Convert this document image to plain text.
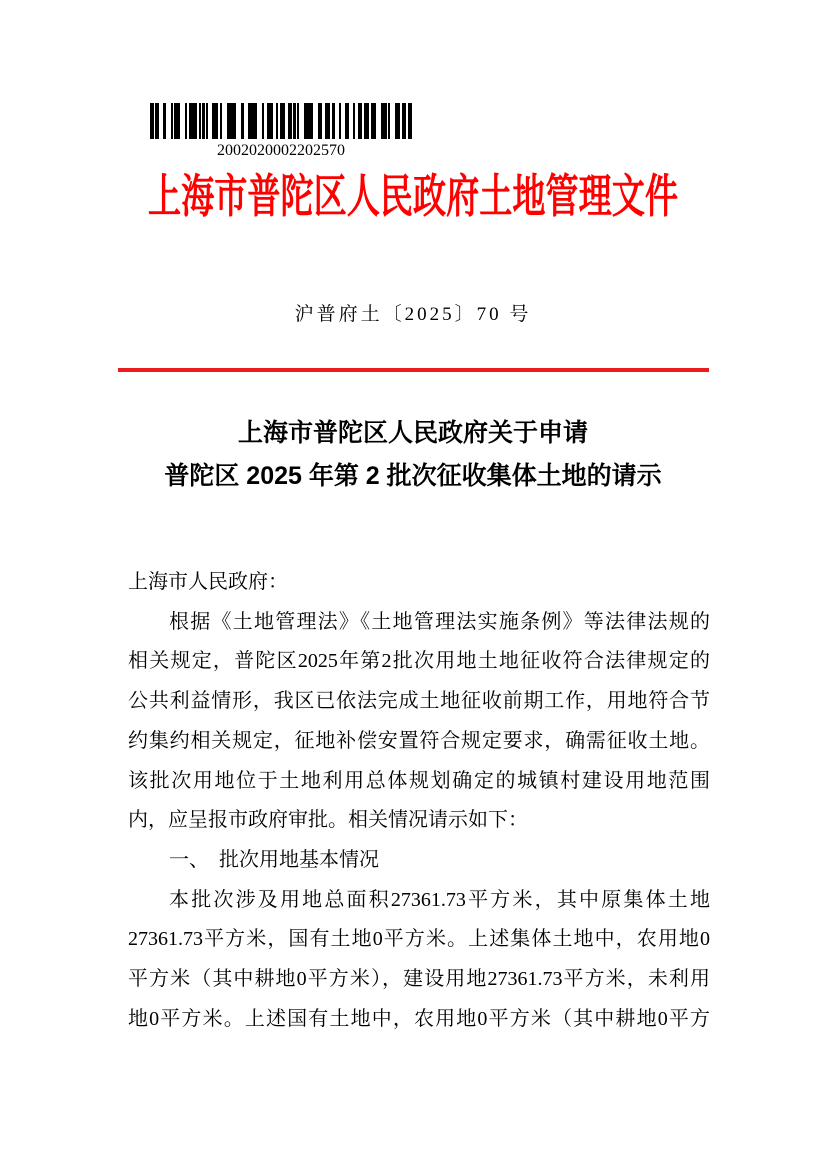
2002020002202570
上海市普陀区人民政府土地管理文件
沪普府土〔2025〕70 号
上海市普陀区人民政府关于申请
普陀区 2025 年第 2 批次征收集体土地的请示
上海市人民政府：
根据《土地管理法》《土地管理法实施条例》等法律法规的
相关规定，普陀区2025年第2批次用地土地征收符合法律规定的
公共利益情形，我区已依法完成土地征收前期工作，用地符合节
约集约相关规定，征地补偿安置符合规定要求，确需征收土地。
该批次用地位于土地利用总体规划确定的城镇村建设用地范围
内，应呈报市政府审批。相关情况请示如下：
一、　批次用地基本情况
本批次涉及用地总面积27361.73平方米，其中原集体土地
27361.73平方米，国有土地0平方米。上述集体土地中，农用地0
平方米（其中耕地0平方米），建设用地27361.73平方米，未利用
地0平方米。上述国有土地中，农用地0平方米（其中耕地0平方
